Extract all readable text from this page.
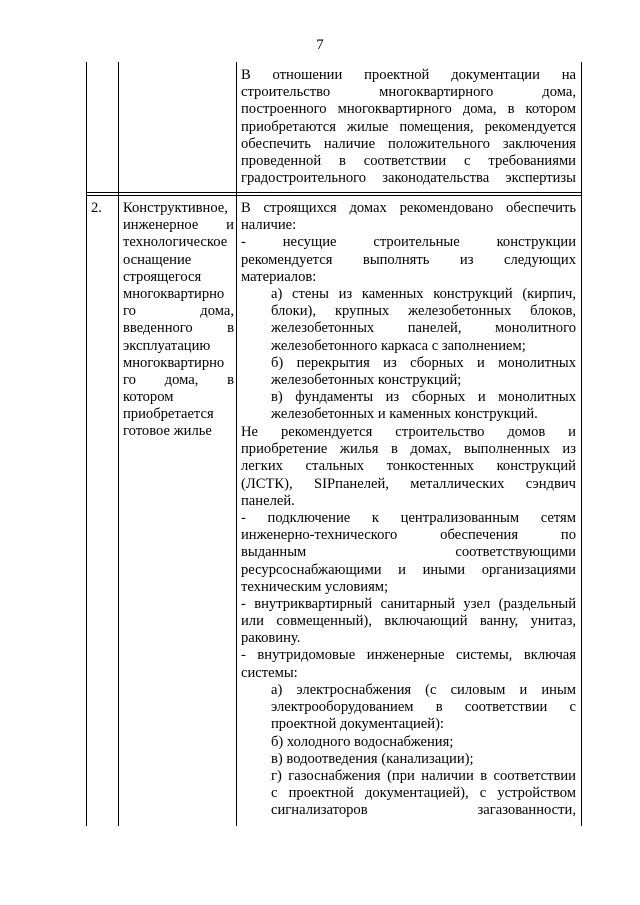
7
В отношении проектной документации на
строительство многоквартирного дома,
построенного многоквартирного дома, в котором
приобретаются жилые помещения, рекомендуется
обеспечить наличие положительного заключения
проведенной в соответствии с требованиями
градостроительного законодательства экспертизы
2.	Конструктивное,
инженерное и
технологическое
оснащение
строящегося
многоквартирно
го дома,
введенного в
эксплуатацию
многоквартирно
го дома, в
котором
приобретается
готовое жилье
В строящихся домах рекомендовано обеспечить
наличие:
- несущие строительные конструкции
рекомендуется выполнять из следующих
материалов:
а) стены из каменных конструкций (кирпич,
блоки), крупных железобетонных блоков,
железобетонных панелей, монолитного
железобетонного каркаса с заполнением;
б) перекрытия из сборных и монолитных
железобетонных конструкций;
в) фундаменты из сборных и монолитных
железобетонных и каменных конструкций.
Не рекомендуется строительство домов и
приобретение жилья в домах, выполненных из
легких стальных тонкостенных конструкций
(ЛСТК), SIPпанелей, металлических сэндвич
панелей.
- подключение к централизованным сетям
инженерно-технического обеспечения по
выданным соответствующими
ресурсоснабжающими и иными организациями
техническим условиям;
- внутриквартирный санитарный узел (раздельный
или совмещенный), включающий ванну, унитаз,
раковину.
- внутридомовые инженерные системы, включая
системы:
а) электроснабжения (с силовым и иным
электрооборудованием в соответствии с
проектной документацией):
б) холодного водоснабжения;
в) водоотведения (канализации);
г) газоснабжения (при наличии в соответствии
с проектной документацией), с устройством
сигнализаторов загазованности,
